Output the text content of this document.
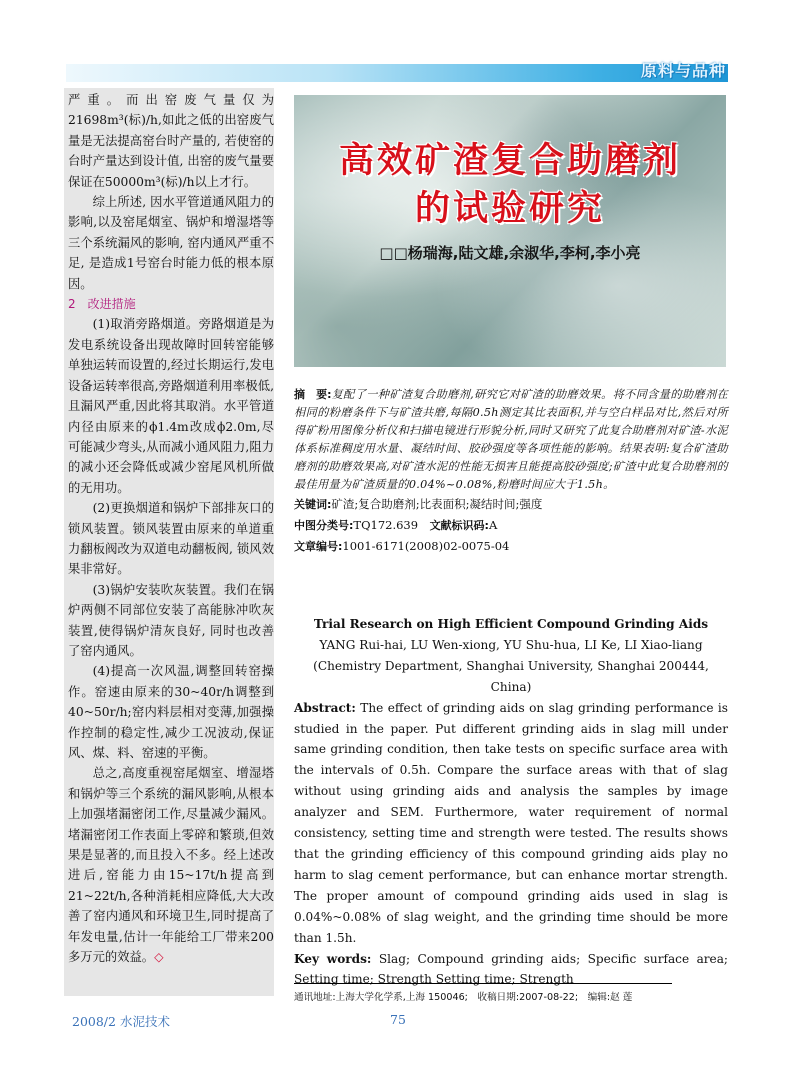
原料与品种

严重。而出窑废气量仅为21698m³(标)/h,如此之低的出窑废气量是无法提高窑台时产量的, 若使窑的台时产量达到设计值, 出窑的废气量要保证在50000m³(标)/h以上才行。

综上所述, 因水平管道通风阻力的影响,以及窑尾烟室、锅炉和增湿塔等三个系统漏风的影响, 窑内通风严重不足, 是造成1号窑台时能力低的根本原因。

2　改进措施

(1)取消旁路烟道。旁路烟道是为发电系统设备出现故障时回转窑能够单独运转而设置的,经过长期运行,发电设备运转率很高,旁路烟道利用率极低,且漏风严重,因此将其取消。水平管道内径由原来的ϕ1.4m改成ϕ2.0m,尽可能减少弯头,从而减小通风阻力,阻力的减小还会降低或减少窑尾风机所做的无用功。

(2)更换烟道和锅炉下部排灰口的锁风装置。锁风装置由原来的单道重力翻板阀改为双道电动翻板阀, 锁风效果非常好。

(3)锅炉安装吹灰装置。我们在锅炉两侧不同部位安装了高能脉冲吹灰装置,使得锅炉清灰良好, 同时也改善了窑内通风。

(4)提高一次风温,调整回转窑操作。窑速由原来的30~40r/h调整到40~50r/h;窑内料层相对变薄,加强操作控制的稳定性,减少工况波动,保证风、煤、料、窑速的平衡。

总之,高度重视窑尾烟室、增湿塔和锅炉等三个系统的漏风影响,从根本上加强堵漏密闭工作,尽量减少漏风。堵漏密闭工作表面上零碎和繁琐,但效果是显著的,而且投入不多。经上述改进后,窑能力由15~17t/h提高到21~22t/h,各种消耗相应降低,大大改善了窑内通风和环境卫生,同时提高了年发电量,估计一年能给工厂带来200多万元的效益。◇

高效矿渣复合助磨剂
的试验研究
□□杨瑞海,陆文雄,余淑华,李柯,李小亮

摘　要:复配了一种矿渣复合助磨剂,研究它对矿渣的助磨效果。将不同含量的助磨剂在相同的粉磨条件下与矿渣共磨,每隔0.5h测定其比表面积,并与空白样品对比,然后对所得矿粉用图像分析仪和扫描电镜进行形貌分析,同时又研究了此复合助磨剂对矿渣-水泥体系标准稠度用水量、凝结时间、胶砂强度等各项性能的影响。结果表明:复合矿渣助磨剂的助磨效果高,对矿渣水泥的性能无损害且能提高胶砂强度;矿渣中此复合助磨剂的最佳用量为矿渣质量的0.04%~0.08%,粉磨时间应大于1.5h。

关键词:矿渣;复合助磨剂;比表面积;凝结时间;强度

中图分类号:TQ172.639　 文献标识码:A

文章编号:1001-6171(2008)02-0075-04

Trial Research on High Efficient Compound Grinding Aids

YANG Rui-hai, LU Wen-xiong, YU Shu-hua, LI Ke, LI Xiao-liang

(Chemistry Department, Shanghai University, Shanghai 200444, China)

Abstract: The effect of grinding aids on slag grinding performance is studied in the paper. Put different grinding aids in slag mill under same grinding condition, then take tests on specific surface area with the intervals of 0.5h. Compare the surface areas with that of slag without using grinding aids and analysis the samples by image analyzer and SEM. Furthermore, water requirement of normal consistency, setting time and strength were tested. The results shows that the grinding efficiency of this compound grinding aids play no harm to slag cement performance, but can enhance mortar strength. The proper amount of compound grinding aids used in slag is 0.04%~0.08% of slag weight, and the grinding time should be more than 1.5h.

Key words: Slag; Compound grinding aids; Specific surface area; Setting time; Strength Setting time; Strength

通讯地址:上海大学化学系,上海 150046;　收稿日期:2007-08-22;　编辑:赵 莲
2008/2 水泥技术	75
